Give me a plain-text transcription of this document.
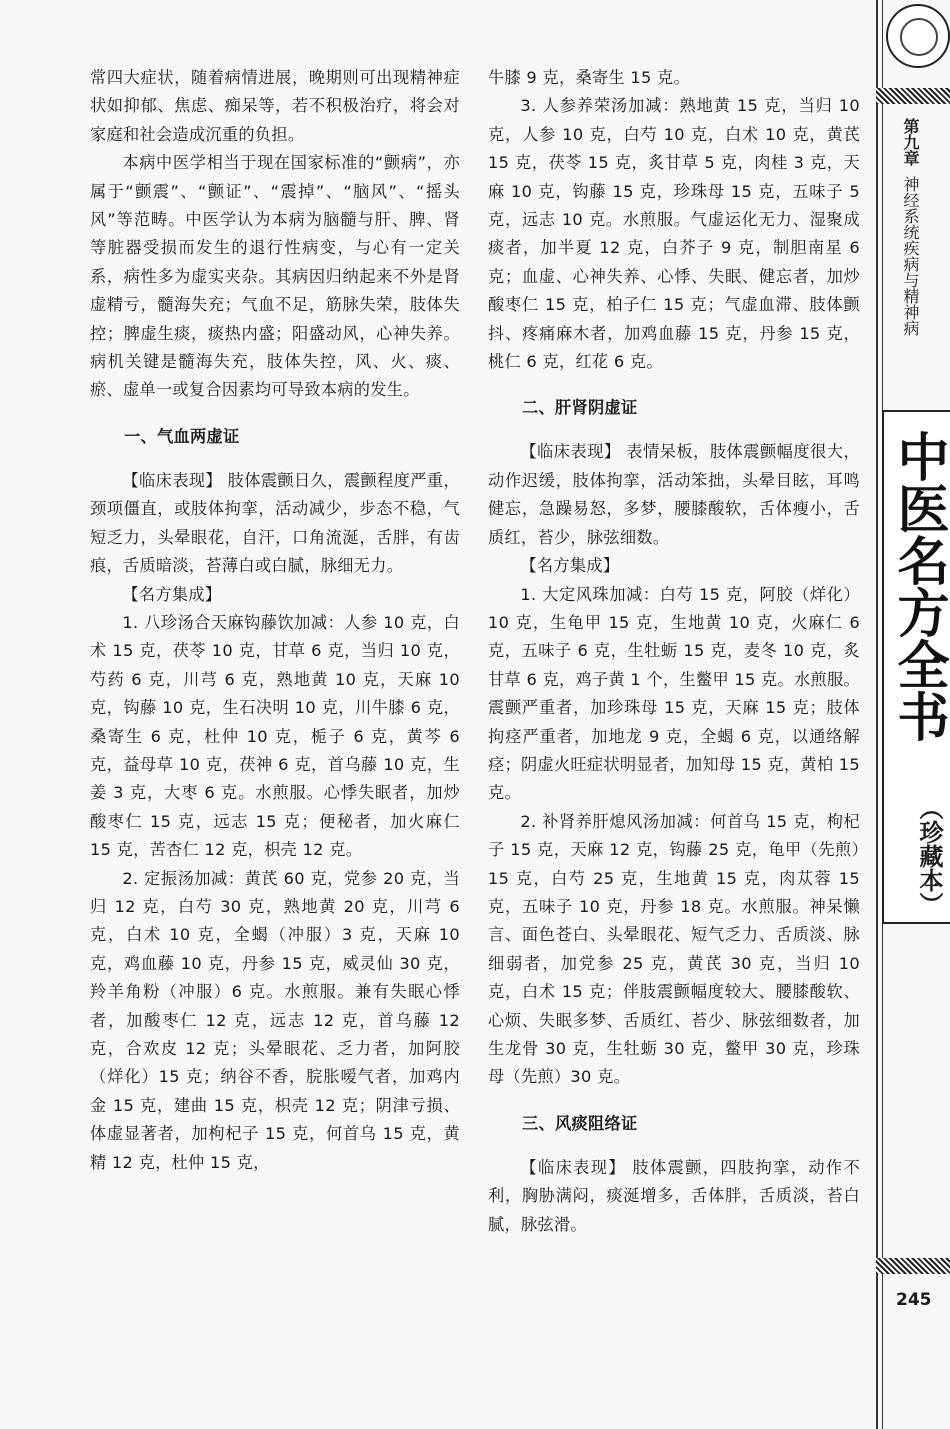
常四大症状，随着病情进展，晚期则可出现精神症状如抑郁、焦虑、痴呆等，若不积极治疗，将会对家庭和社会造成沉重的负担。

本病中医学相当于现在国家标准的“颤病”，亦属于“颤震”、“颤证”、“震掉”、“脑风”、“摇头风”等范畴。中医学认为本病为脑髓与肝、脾、肾等脏器受损而发生的退行性病变，与心有一定关系，病性多为虚实夹杂。其病因归纳起来不外是肾虚精亏，髓海失充；气血不足，筋脉失荣，肢体失控；脾虚生痰，痰热内盛；阳盛动风，心神失养。病机关键是髓海失充，肢体失控，风、火、痰、瘀、虚单一或复合因素均可导致本病的发生。

一、气血两虚证

【临床表现】 肢体震颤日久，震颤程度严重，颈项僵直，或肢体拘挛，活动减少，步态不稳，气短乏力，头晕眼花，自汗，口角流涎，舌胖，有齿痕，舌质暗淡，苔薄白或白腻，脉细无力。

【名方集成】

1. 八珍汤合天麻钩藤饮加减：人参 10 克，白术 15 克，茯苓 10 克，甘草 6 克，当归 10 克，芍药 6 克，川芎 6 克，熟地黄 10 克，天麻 10 克，钩藤 10 克，生石决明 10 克，川牛膝 6 克，桑寄生 6 克，杜仲 10 克，栀子 6 克，黄芩 6 克，益母草 10 克，茯神 6 克，首乌藤 10 克，生姜 3 克，大枣 6 克。水煎服。心悸失眠者，加炒酸枣仁 15 克，远志 15 克；便秘者，加火麻仁 15 克，苦杏仁 12 克，枳壳 12 克。

2. 定振汤加减：黄芪 60 克，党参 20 克，当归 12 克，白芍 30 克，熟地黄 20 克，川芎 6 克，白术 10 克，全蝎（冲服）3 克，天麻 10 克，鸡血藤 10 克，丹参 15 克，威灵仙 30 克，羚羊角粉（冲服）6 克。水煎服。兼有失眠心悸者，加酸枣仁 12 克，远志 12 克，首乌藤 12 克，合欢皮 12 克；头晕眼花、乏力者，加阿胶（烊化）15 克；纳谷不香，脘胀嗳气者，加鸡内金 15 克，建曲 15 克，枳壳 12 克；阴津亏损、体虚显著者，加枸杞子 15 克，何首乌 15 克，黄精 12 克，杜仲 15 克，

牛膝 9 克，桑寄生 15 克。

3. 人参养荣汤加减：熟地黄 15 克，当归 10 克，人参 10 克，白芍 10 克，白术 10 克，黄芪 15 克，茯苓 15 克，炙甘草 5 克，肉桂 3 克，天麻 10 克，钩藤 15 克，珍珠母 15 克，五味子 5 克，远志 10 克。水煎服。气虚运化无力、湿聚成痰者，加半夏 12 克，白芥子 9 克，制胆南星 6 克；血虚、心神失养、心悸、失眠、健忘者，加炒酸枣仁 15 克，柏子仁 15 克；气虚血滞、肢体颤抖、疼痛麻木者，加鸡血藤 15 克，丹参 15 克，桃仁 6 克，红花 6 克。

二、肝肾阴虚证

【临床表现】 表情呆板，肢体震颤幅度很大，动作迟缓，肢体拘挛，活动笨拙，头晕目眩，耳鸣健忘，急躁易怒，多梦，腰膝酸软，舌体瘦小，舌质红，苔少，脉弦细数。

【名方集成】

1. 大定风珠加减：白芍 15 克，阿胶（烊化）10 克，生龟甲 15 克，生地黄 10 克，火麻仁 6 克，五味子 6 克，生牡蛎 15 克，麦冬 10 克，炙甘草 6 克，鸡子黄 1 个，生鳖甲 15 克。水煎服。震颤严重者，加珍珠母 15 克，天麻 15 克；肢体拘痉严重者，加地龙 9 克，全蝎 6 克，以通络解痉；阴虚火旺症状明显者，加知母 15 克，黄柏 15 克。

2. 补肾养肝熄风汤加减：何首乌 15 克，枸杞子 15 克，天麻 12 克，钩藤 25 克，龟甲（先煎）15 克，白芍 25 克，生地黄 15 克，肉苁蓉 15 克，五味子 10 克，丹参 18 克。水煎服。神呆懒言、面色苍白、头晕眼花、短气乏力、舌质淡、脉细弱者，加党参 25 克，黄芪 30 克，当归 10 克，白术 15 克；伴肢震颤幅度较大、腰膝酸软、心烦、失眠多梦、舌质红、苔少、脉弦细数者，加生龙骨 30 克，生牡蛎 30 克，鳖甲 30 克，珍珠母（先煎）30 克。

三、风痰阻络证

【临床表现】 肢体震颤，四肢拘挛，动作不利，胸胁满闷，痰涎增多，舌体胖，舌质淡，苔白腻，脉弦滑。

第九章
神经系统疾病与精神病
中医名方全书
（珍藏本）
245
